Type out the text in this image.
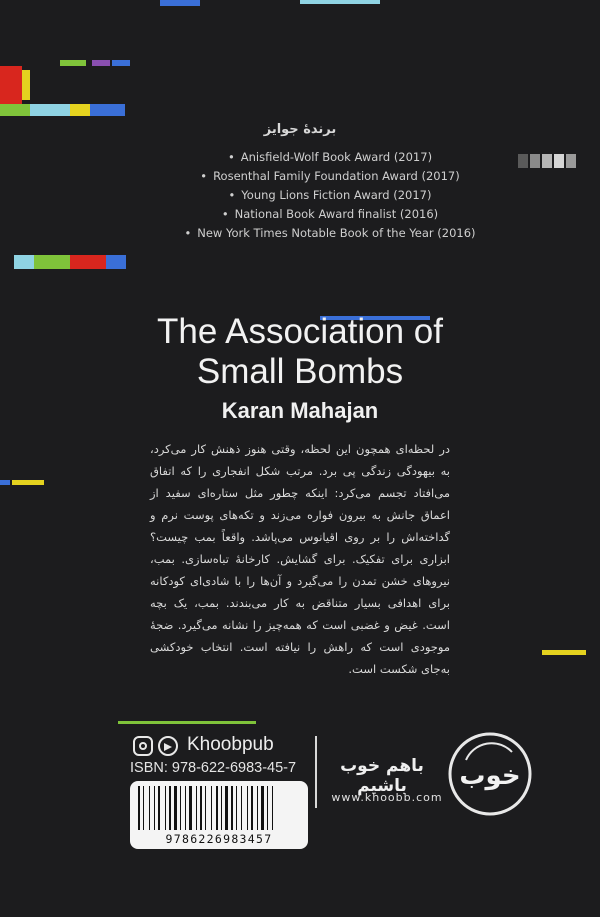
برندهٔ جوایز
• Anisfield-Wolf Book Award (2017)
• Rosenthal Family Foundation Award (2017)
• Young Lions Fiction Award (2017)
• National Book Award finalist (2016)
• New York Times Notable Book of the Year (2016)
The Association of
Small Bombs
Karan Mahajan
در لحظه‌ای همچون این لحظه، وقتی هنوز ذهنش کار می‌کرد، به بیهودگی زندگی پی برد. مرتب شکل انفجاری را که اتفاق می‌افتاد تجسم می‌کرد: اینکه چطور مثل ستاره‌ای سفید از اعماق جانش به بیرون فواره می‌زند و تکه‌های پوست نرم و گداخته‌اش را بر روی اقیانوس می‌پاشد. واقعاً بمب چیست؟ ابزاری برای تفکیک. برای گشایش. کارخانهٔ تباه‌سازی. بمب، نیروهای خشن تمدن را می‌گیرد و آن‌ها را با شادی‌ای کودکانه برای اهدافی بسیار متناقض به کار می‌بندند. بمب، یک بچه است. غیض و غضبی است که همه‌چیز را نشانه می‌گیرد. ضجهٔ موجودی است که راهش را نیافته است. انتخاب خودکشی به‌جای شکست است.
Khoobpub
ISBN: 978-622-6983-45-7
9786226983457
باهم خوب باشیم
www.khoobb.com
خوب
